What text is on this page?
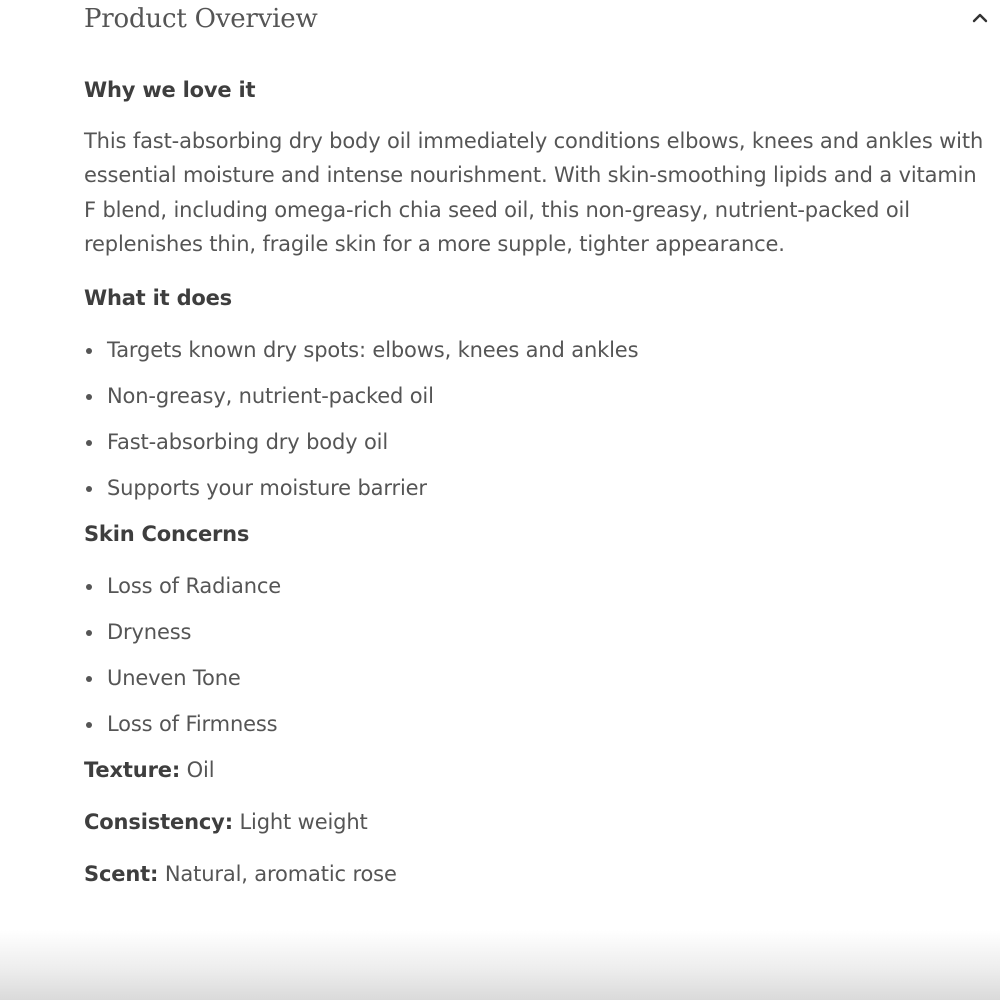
Product Overview
Why we love it

This fast-absorbing dry body oil immediately conditions elbows, knees and ankles with essential moisture and intense nourishment. With skin-smoothing lipids and a vitamin F blend, including omega-rich chia seed oil, this non-greasy, nutrient-packed oil replenishes thin, fragile skin for a more supple, tighter appearance.

What it does
Targets known dry spots: elbows, knees and ankles
Non-greasy, nutrient-packed oil
Fast-absorbing dry body oil
Supports your moisture barrier
Skin Concerns
Loss of Radiance
Dryness
Uneven Tone
Loss of Firmness

Texture: Oil

Consistency: Light weight

Scent: Natural, aromatic rose
